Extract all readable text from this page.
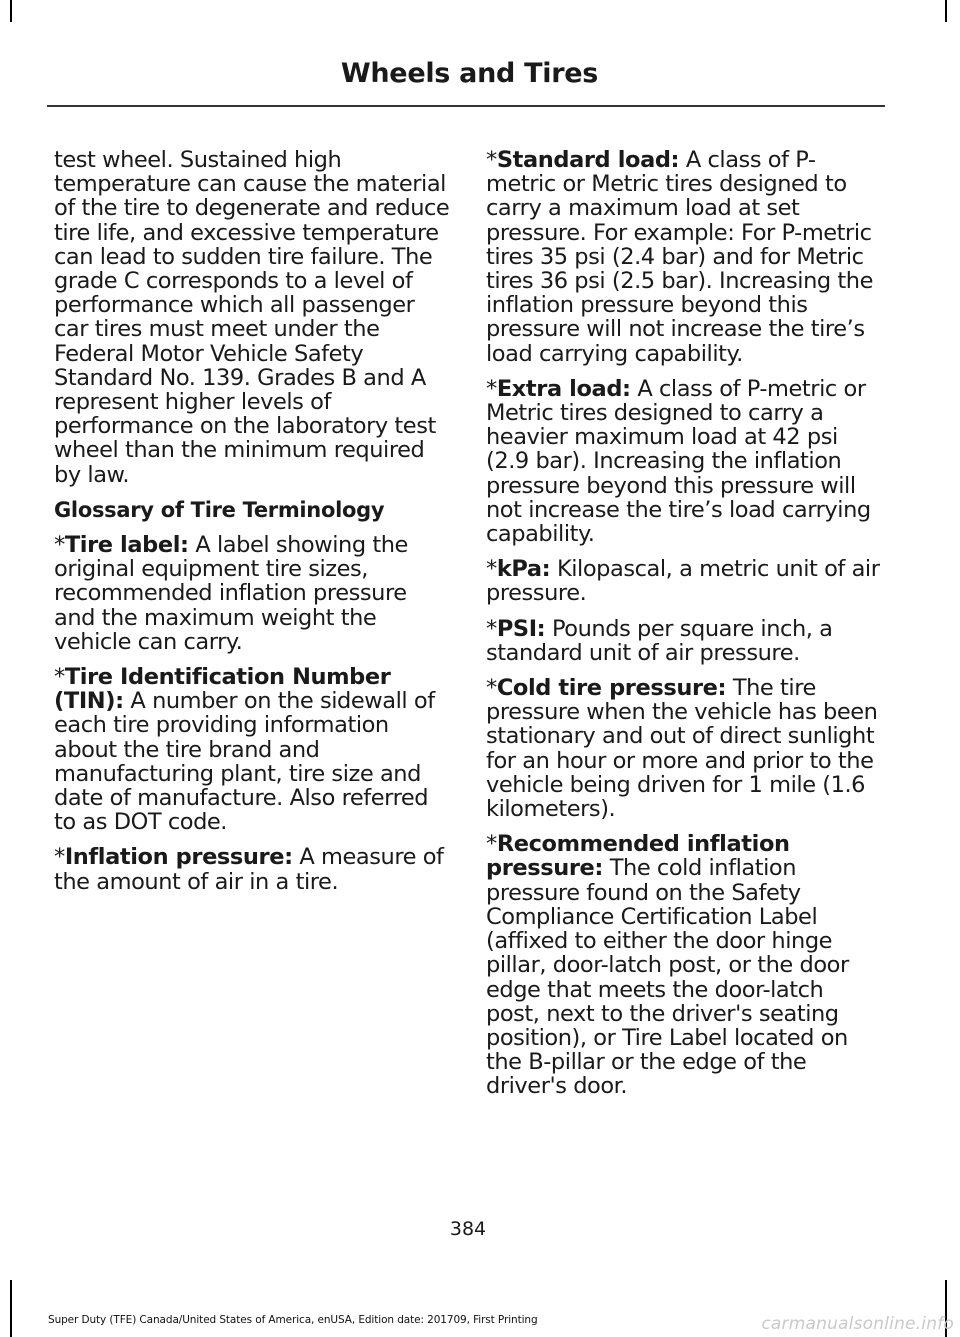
Wheels and Tires

test wheel. Sustained high temperature can cause the material of the tire to degenerate and reduce tire life, and excessive temperature can lead to sudden tire failure. The grade C corresponds to a level of performance which all passenger car tires must meet under the Federal Motor Vehicle Safety Standard No. 139. Grades B and A represent higher levels of performance on the laboratory test wheel than the minimum required by law.

Glossary of Tire Terminology

*Tire label: A label showing the original equipment tire sizes, recommended inflation pressure and the maximum weight the vehicle can carry.

*Tire Identification Number (TIN): A number on the sidewall of each tire providing information about the tire brand and manufacturing plant, tire size and date of manufacture. Also referred to as DOT code.

*Inflation pressure: A measure of the amount of air in a tire.

*Standard load: A class of P-metric or Metric tires designed to carry a maximum load at set pressure. For example: For P-metric tires 35 psi (2.4 bar) and for Metric tires 36 psi (2.5 bar). Increasing the inflation pressure beyond this pressure will not increase the tire’s load carrying capability.

*Extra load: A class of P-metric or Metric tires designed to carry a heavier maximum load at 42 psi (2.9 bar). Increasing the inflation pressure beyond this pressure will not increase the tire’s load carrying capability.

*kPa: Kilopascal, a metric unit of air pressure.

*PSI: Pounds per square inch, a standard unit of air pressure.

*Cold tire pressure: The tire pressure when the vehicle has been stationary and out of direct sunlight for an hour or more and prior to the vehicle being driven for 1 mile (1.6 kilometers).

*Recommended inflation pressure: The cold inflation pressure found on the Safety Compliance Certification Label (affixed to either the door hinge pillar, door-latch post, or the door edge that meets the door-latch post, next to the driver's seating position), or Tire Label located on the B-pillar or the edge of the driver's door.

384
Super Duty (TFE) Canada/United States of America, enUSA, Edition date: 201709, First Printing	carmanualsonline.info
